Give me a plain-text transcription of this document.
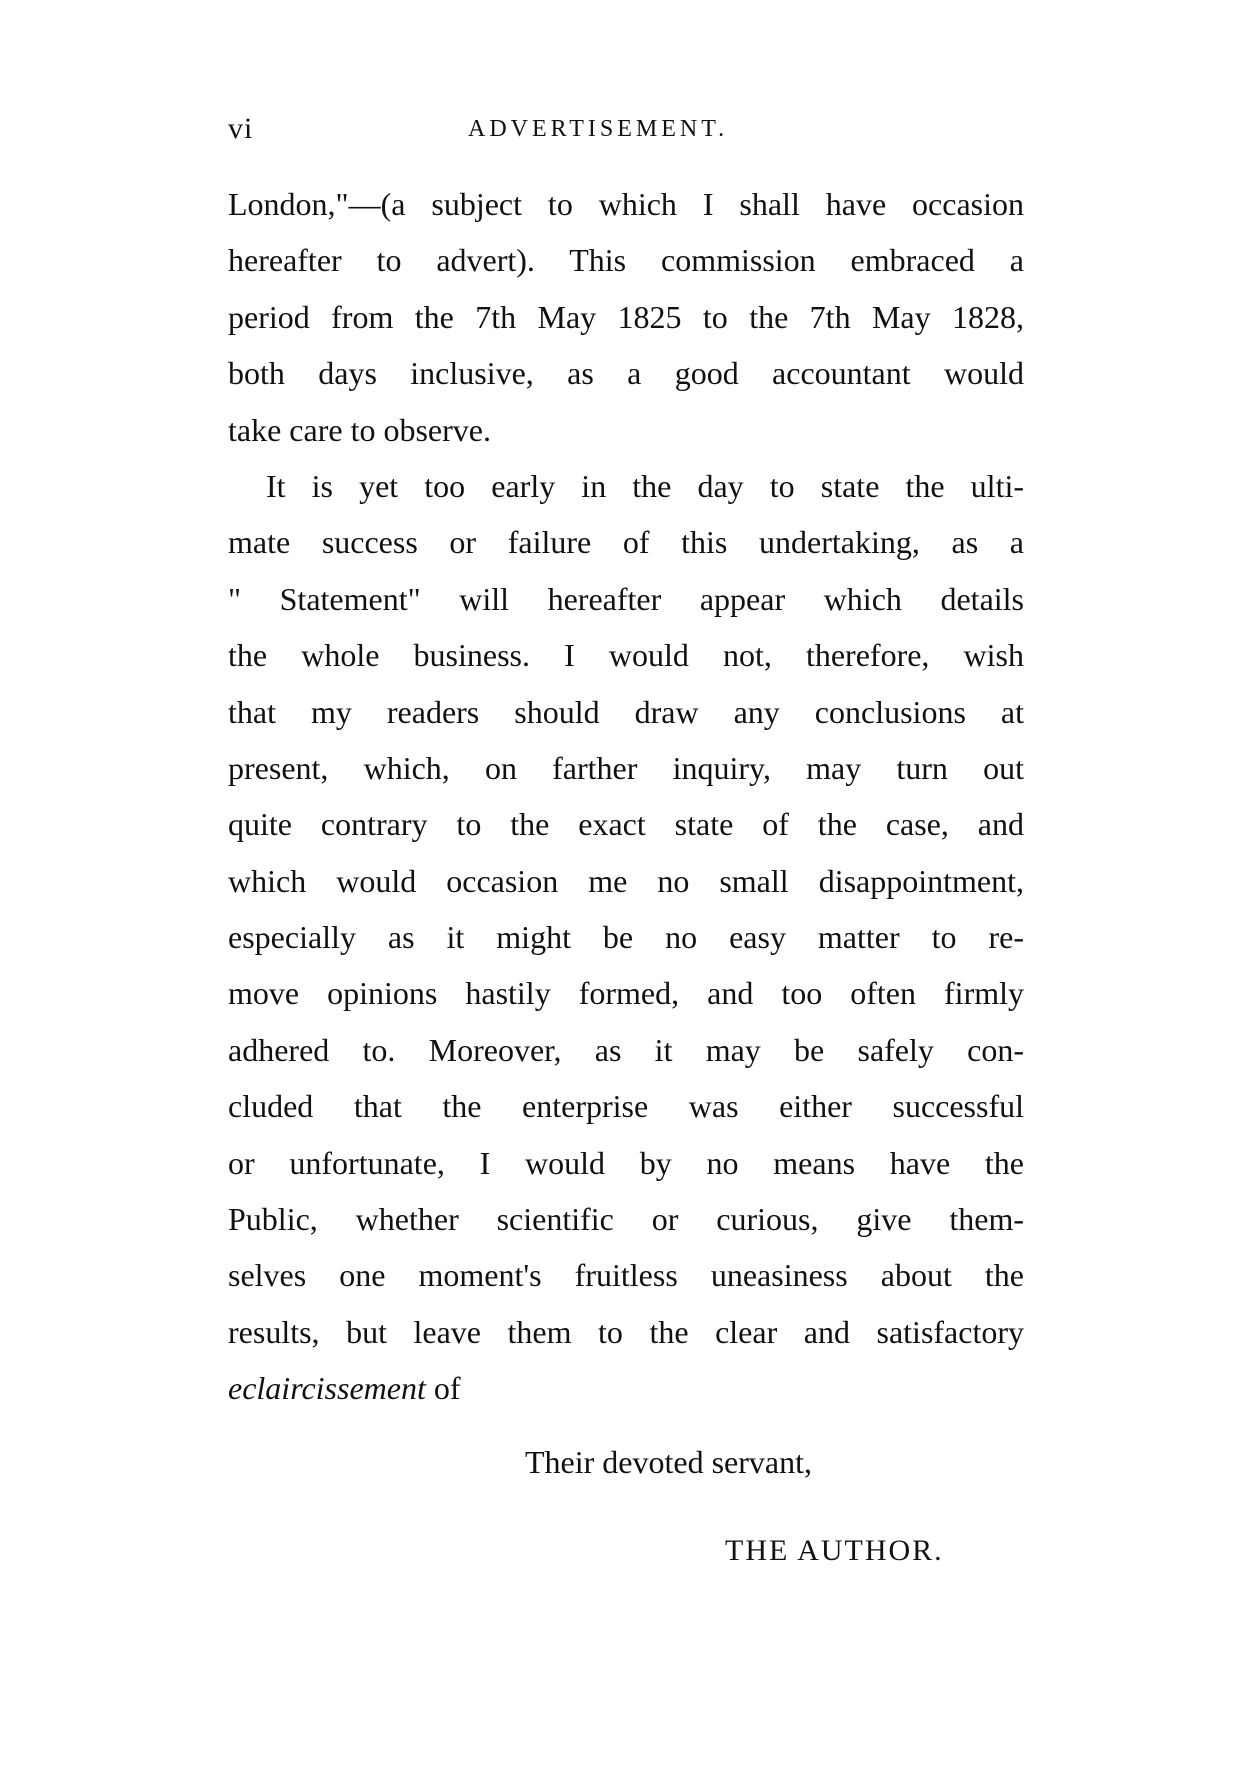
vi	ADVERTISEMENT.
London,"—(a subject to which I shall have occasion
hereafter to advert). This commission embraced a
period from the 7th May 1825 to the 7th May 1828,
both days inclusive, as a good accountant would
take care to observe.
It is yet too early in the day to state the ulti-
mate success or failure of this undertaking, as a
" Statement" will hereafter appear which details
the whole business. I would not, therefore, wish
that my readers should draw any conclusions at
present, which, on farther inquiry, may turn out
quite contrary to the exact state of the case, and
which would occasion me no small disappointment,
especially as it might be no easy matter to re-
move opinions hastily formed, and too often firmly
adhered to. Moreover, as it may be safely con-
cluded that the enterprise was either successful
or unfortunate, I would by no means have the
Public, whether scientific or curious, give them-
selves one moment's fruitless uneasiness about the
results, but leave them to the clear and satisfactory
eclaircissement of
Their devoted servant,
THE AUTHOR.
